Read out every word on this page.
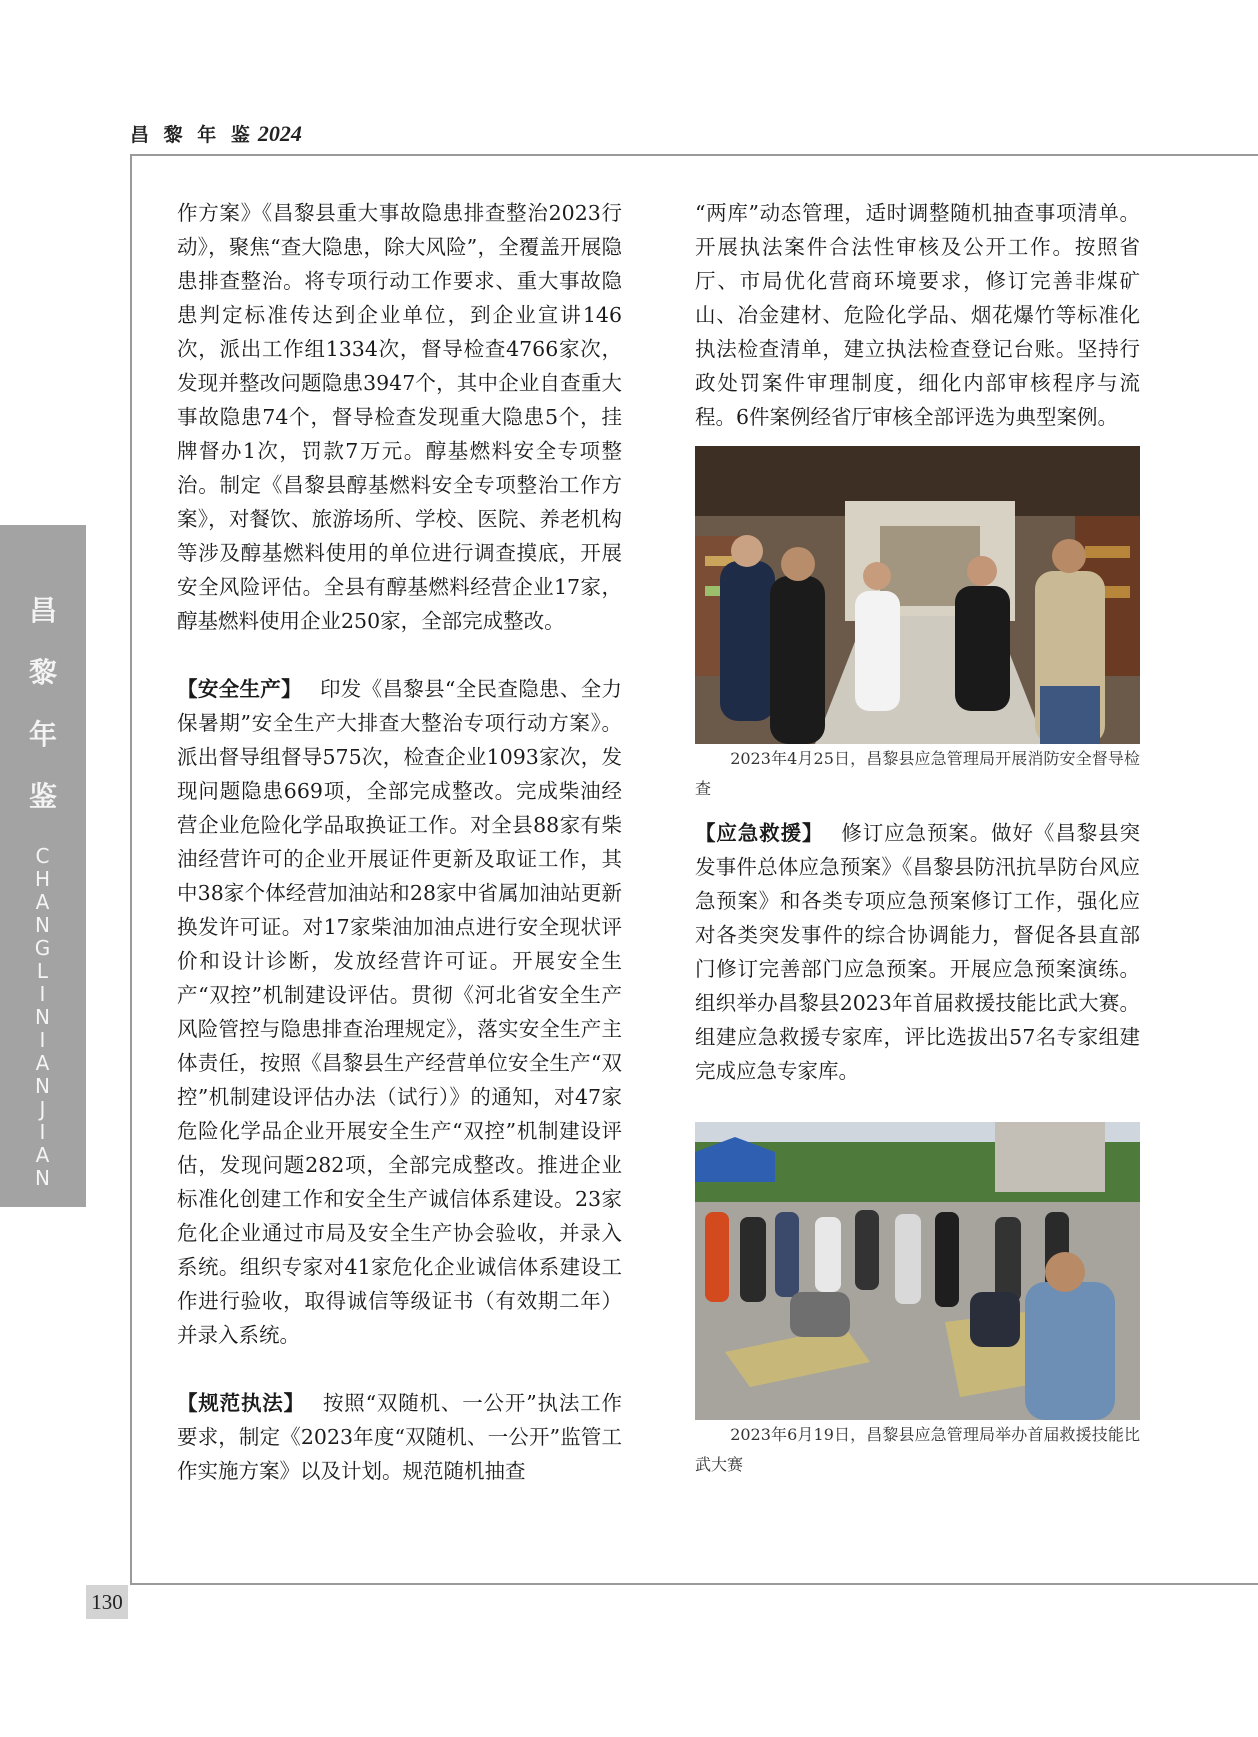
昌 黎 年 鉴 2024
昌
黎
年
鉴
C
H
A
N
G
L
I
N
I
A
N
J
I
A
N
130

作方案》《昌黎县重大事故隐患排查整治2023行动》，聚焦“查大隐患，除大风险”，全覆盖开展隐患排查整治。将专项行动工作要求、重大事故隐患判定标准传达到企业单位，到企业宣讲146次，派出工作组1334次，督导检查4766家次，发现并整改问题隐患3947个，其中企业自查重大事故隐患74个，督导检查发现重大隐患5个，挂牌督办1次，罚款7万元。醇基燃料安全专项整治。制定《昌黎县醇基燃料安全专项整治工作方案》，对餐饮、旅游场所、学校、医院、养老机构等涉及醇基燃料使用的单位进行调查摸底，开展安全风险评估。全县有醇基燃料经营企业17家，醇基燃料使用企业250家，全部完成整改。

【安全生产】 印发《昌黎县“全民查隐患、全力保暑期”安全生产大排查大整治专项行动方案》。派出督导组督导575次，检查企业1093家次，发现问题隐患669项，全部完成整改。完成柴油经营企业危险化学品取换证工作。对全县88家有柴油经营许可的企业开展证件更新及取证工作，其中38家个体经营加油站和28家中省属加油站更新换发许可证。对17家柴油加油点进行安全现状评价和设计诊断，发放经营许可证。开展安全生产“双控”机制建设评估。贯彻《河北省安全生产风险管控与隐患排查治理规定》，落实安全生产主体责任，按照《昌黎县生产经营单位安全生产“双控”机制建设评估办法（试行）》的通知，对47家危险化学品企业开展安全生产“双控”机制建设评估，发现问题282项，全部完成整改。推进企业标准化创建工作和安全生产诚信体系建设。23家危化企业通过市局及安全生产协会验收，并录入系统。组织专家对41家危化企业诚信体系建设工作进行验收，取得诚信等级证书（有效期二年）并录入系统。

【规范执法】 按照“双随机、一公开”执法工作要求，制定《2023年度“双随机、一公开”监管工作实施方案》以及计划。规范随机抽查

“两库”动态管理，适时调整随机抽查事项清单。开展执法案件合法性审核及公开工作。按照省厅、市局优化营商环境要求，修订完善非煤矿山、冶金建材、危险化学品、烟花爆竹等标准化执法检查清单，建立执法检查登记台账。坚持行政处罚案件审理制度，细化内部审核程序与流程。6件案例经省厅审核全部评选为典型案例。

2023年4月25日，昌黎县应急管理局开展消防安全督导检查

【应急救援】 修订应急预案。做好《昌黎县突发事件总体应急预案》《昌黎县防汛抗旱防台风应急预案》和各类专项应急预案修订工作，强化应对各类突发事件的综合协调能力，督促各县直部门修订完善部门应急预案。开展应急预案演练。组织举办昌黎县2023年首届救援技能比武大赛。组建应急救援专家库，评比选拔出57名专家组建完成应急专家库。

2023年6月19日，昌黎县应急管理局举办首届救援技能比武大赛
